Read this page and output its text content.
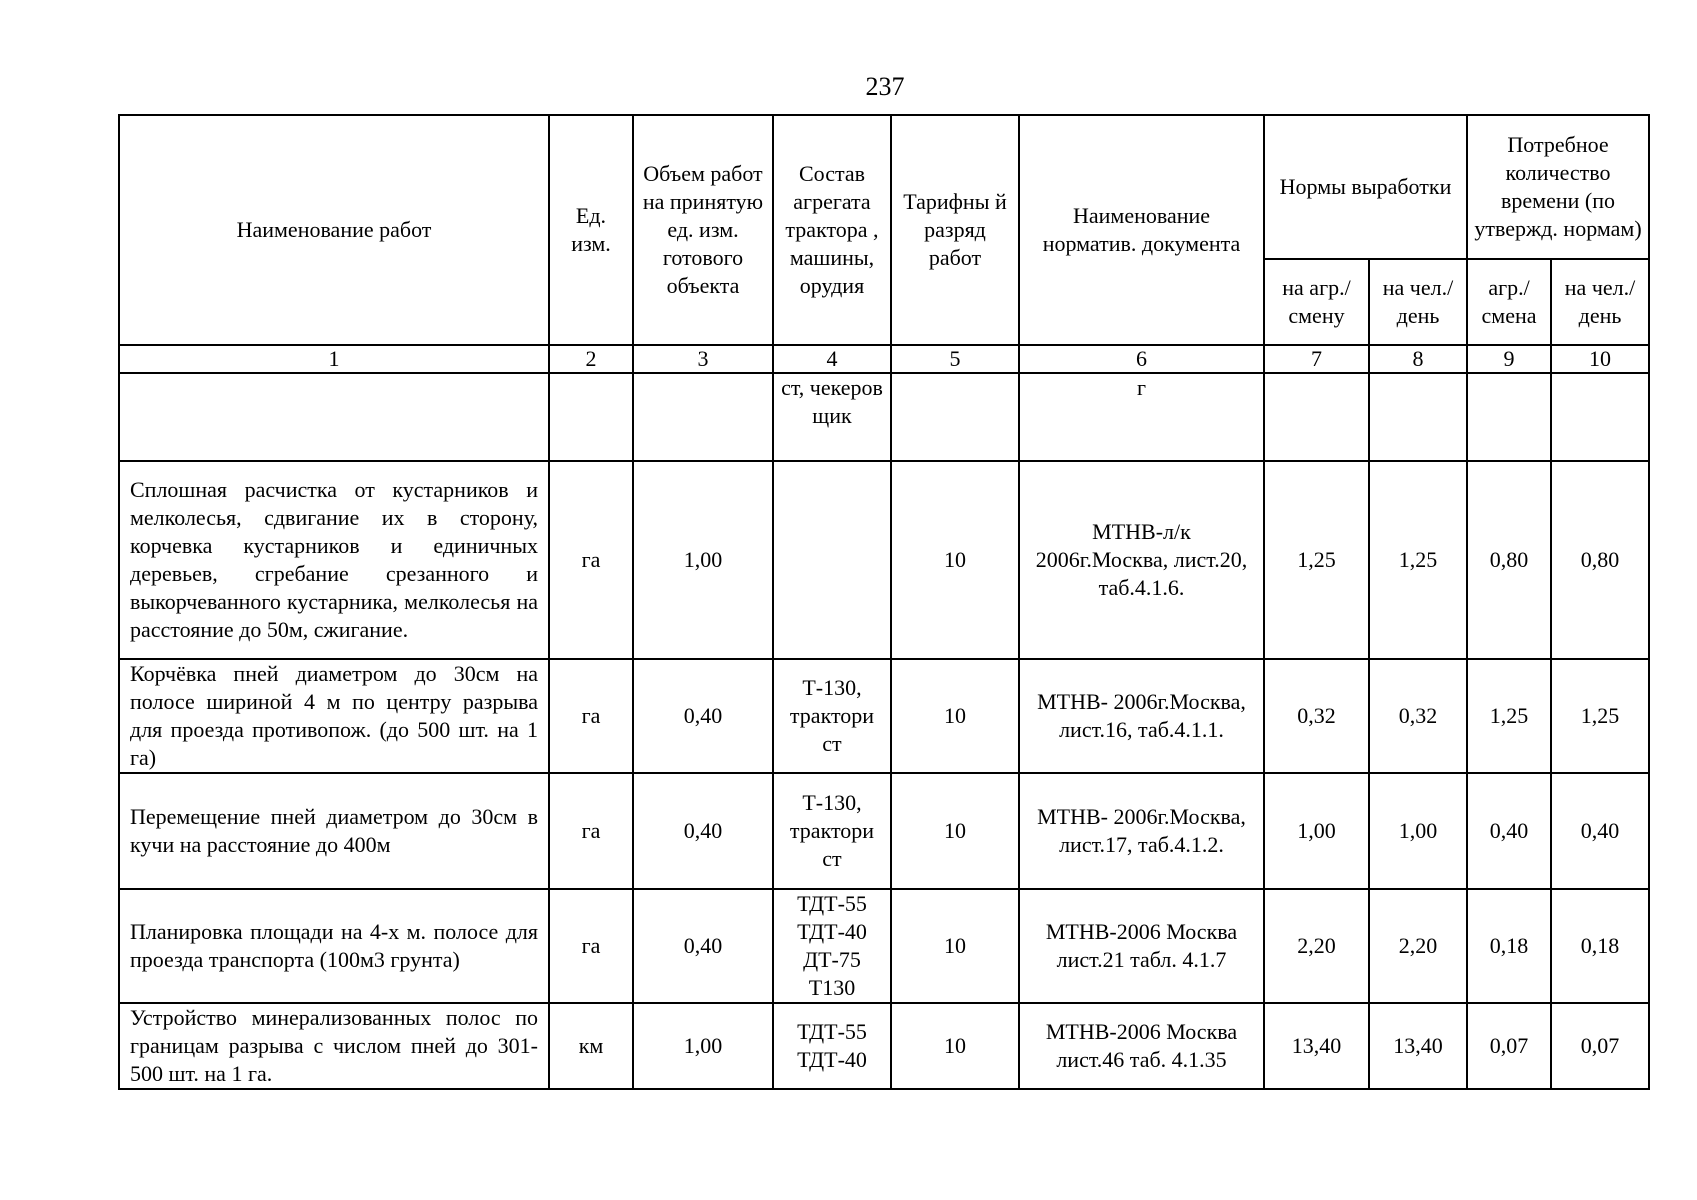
237
Наименование работ	Ед. изм.	Объем работ на принятую ед. изм. готового объекта	Состав агрегата трактора , машины, орудия	Тарифны й разряд работ	Наименование норматив. документа	Нормы выработки		Потребное количество времени (по утвержд. нормам)	
						на агр./ смену	на чел./ день	агр./ смена	на чел./ день
1	2	3	4	5	6	7	8	9	10
			ст, чекеров щик		г				
Сплошная расчистка от кустарников и мелколесья, сдвигание их в сторону, корчевка кустарников и единичных деревьев, сгребание срезанного и выкорчеванного кустарника, мелколесья на расстояние до 50м, сжигание.	га	1,00		10	МТНВ-л/к 2006г.Москва, лист.20, таб.4.1.6.	1,25	1,25	0,80	0,80
Корчёвка пней диаметром до 30см на полосе шириной 4 м по центру разрыва для проезда противопож. (до 500 шт. на 1 га)	га	0,40	Т-130, трактори ст	10	МТНВ- 2006г.Москва, лист.16, таб.4.1.1.	0,32	0,32	1,25	1,25
Перемещение пней диаметром до 30см в кучи на расстояние до 400м	га	0,40	Т-130, трактори ст	10	МТНВ- 2006г.Москва, лист.17, таб.4.1.2.	1,00	1,00	0,40	0,40
Планировка площади на 4-х м. полосе для проезда транспорта (100м3 грунта)	га	0,40	ТДТ-55 ТДТ-40 ДТ-75 Т130	10	МТНВ-2006 Москва лист.21 табл. 4.1.7	2,20	2,20	0,18	0,18
Устройство минерализованных полос по границам разрыва с числом пней до 301-500 шт. на 1 га.	км	1,00	ТДТ-55 ТДТ-40	10	МТНВ-2006 Москва лист.46 таб. 4.1.35	13,40	13,40	0,07	0,07
